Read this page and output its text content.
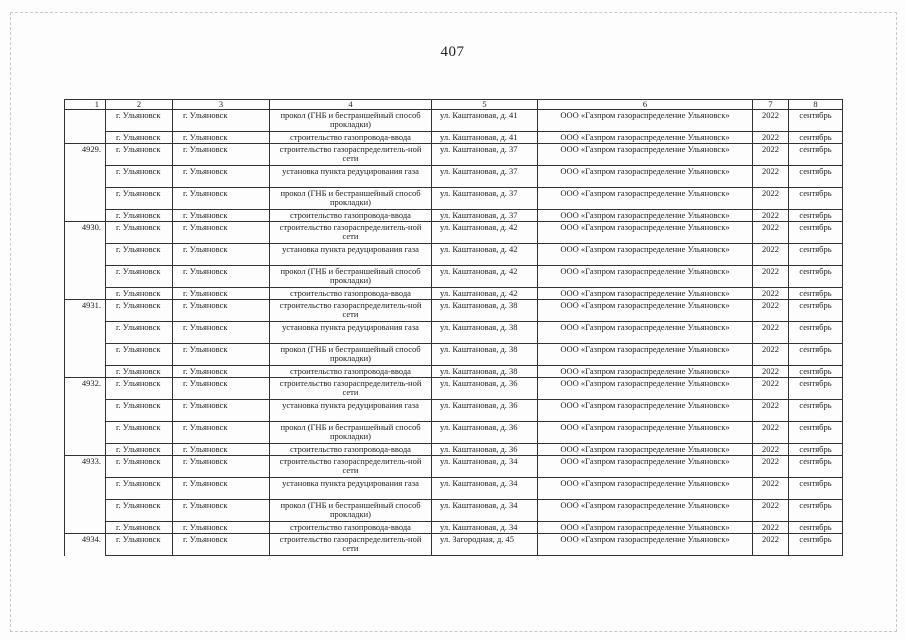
407
1	2	3	4	5	6	7	8
	г. Ульяновск	г. Ульяновск	прокол (ГНБ и бестраншейный способ прокладки)	ул. Каштановая, д. 41	ООО «Газпром газораспределение Ульяновск»	2022	сентябрь
	г. Ульяновск	г. Ульяновск	строительство газопровода-ввода	ул. Каштановая, д. 41	ООО «Газпром газораспределение Ульяновск»	2022	сентябрь
4929.	г. Ульяновск	г. Ульяновск	строительство газораспределитель-ной сети	ул. Каштановая, д. 37	ООО «Газпром газораспределение Ульяновск»	2022	сентябрь
	г. Ульяновск	г. Ульяновск	установка пункта редуцирования газа	ул. Каштановая, д. 37	ООО «Газпром газораспределение Ульяновск»	2022	сентябрь
	г. Ульяновск	г. Ульяновск	прокол (ГНБ и бестраншейный способ прокладки)	ул. Каштановая, д. 37	ООО «Газпром газораспределение Ульяновск»	2022	сентябрь
	г. Ульяновск	г. Ульяновск	строительство газопровода-ввода	ул. Каштановая, д. 37	ООО «Газпром газораспределение Ульяновск»	2022	сентябрь
4930.	г. Ульяновск	г. Ульяновск	строительство газораспределитель-ной сети	ул. Каштановая, д. 42	ООО «Газпром газораспределение Ульяновск»	2022	сентябрь
	г. Ульяновск	г. Ульяновск	установка пункта редуцирования газа	ул. Каштановая, д. 42	ООО «Газпром газораспределение Ульяновск»	2022	сентябрь
	г. Ульяновск	г. Ульяновск	прокол (ГНБ и бестраншейный способ прокладки)	ул. Каштановая, д. 42	ООО «Газпром газораспределение Ульяновск»	2022	сентябрь
	г. Ульяновск	г. Ульяновск	строительство газопровода-ввода	ул. Каштановая, д. 42	ООО «Газпром газораспределение Ульяновск»	2022	сентябрь
4931.	г. Ульяновск	г. Ульяновск	строительство газораспределитель-ной сети	ул. Каштановая, д. 38	ООО «Газпром газораспределение Ульяновск»	2022	сентябрь
	г. Ульяновск	г. Ульяновск	установка пункта редуцирования газа	ул. Каштановая, д. 38	ООО «Газпром газораспределение Ульяновск»	2022	сентябрь
	г. Ульяновск	г. Ульяновск	прокол (ГНБ и бестраншейный способ прокладки)	ул. Каштановая, д. 38	ООО «Газпром газораспределение Ульяновск»	2022	сентябрь
	г. Ульяновск	г. Ульяновск	строительство газопровода-ввода	ул. Каштановая, д. 38	ООО «Газпром газораспределение Ульяновск»	2022	сентябрь
4932.	г. Ульяновск	г. Ульяновск	строительство газораспределитель-ной сети	ул. Каштановая, д. 36	ООО «Газпром газораспределение Ульяновск»	2022	сентябрь
	г. Ульяновск	г. Ульяновск	установка пункта редуцирования газа	ул. Каштановая, д. 36	ООО «Газпром газораспределение Ульяновск»	2022	сентябрь
	г. Ульяновск	г. Ульяновск	прокол (ГНБ и бестраншейный способ прокладки)	ул. Каштановая, д. 36	ООО «Газпром газораспределение Ульяновск»	2022	сентябрь
	г. Ульяновск	г. Ульяновск	строительство газопровода-ввода	ул. Каштановая, д. 36	ООО «Газпром газораспределение Ульяновск»	2022	сентябрь
4933.	г. Ульяновск	г. Ульяновск	строительство газораспределитель-ной сети	ул. Каштановая, д. 34	ООО «Газпром газораспределение Ульяновск»	2022	сентябрь
	г. Ульяновск	г. Ульяновск	установка пункта редуцирования газа	ул. Каштановая, д. 34	ООО «Газпром газораспределение Ульяновск»	2022	сентябрь
	г. Ульяновск	г. Ульяновск	прокол (ГНБ и бестраншейный способ прокладки)	ул. Каштановая, д. 34	ООО «Газпром газораспределение Ульяновск»	2022	сентябрь
	г. Ульяновск	г. Ульяновск	строительство газопровода-ввода	ул. Каштановая, д. 34	ООО «Газпром газораспределение Ульяновск»	2022	сентябрь
4934.	г. Ульяновск	г. Ульяновск	строительство газораспределитель-ной сети	ул. Загородная, д. 45	ООО «Газпром газораспределение Ульяновск»	2022	сентябрь
